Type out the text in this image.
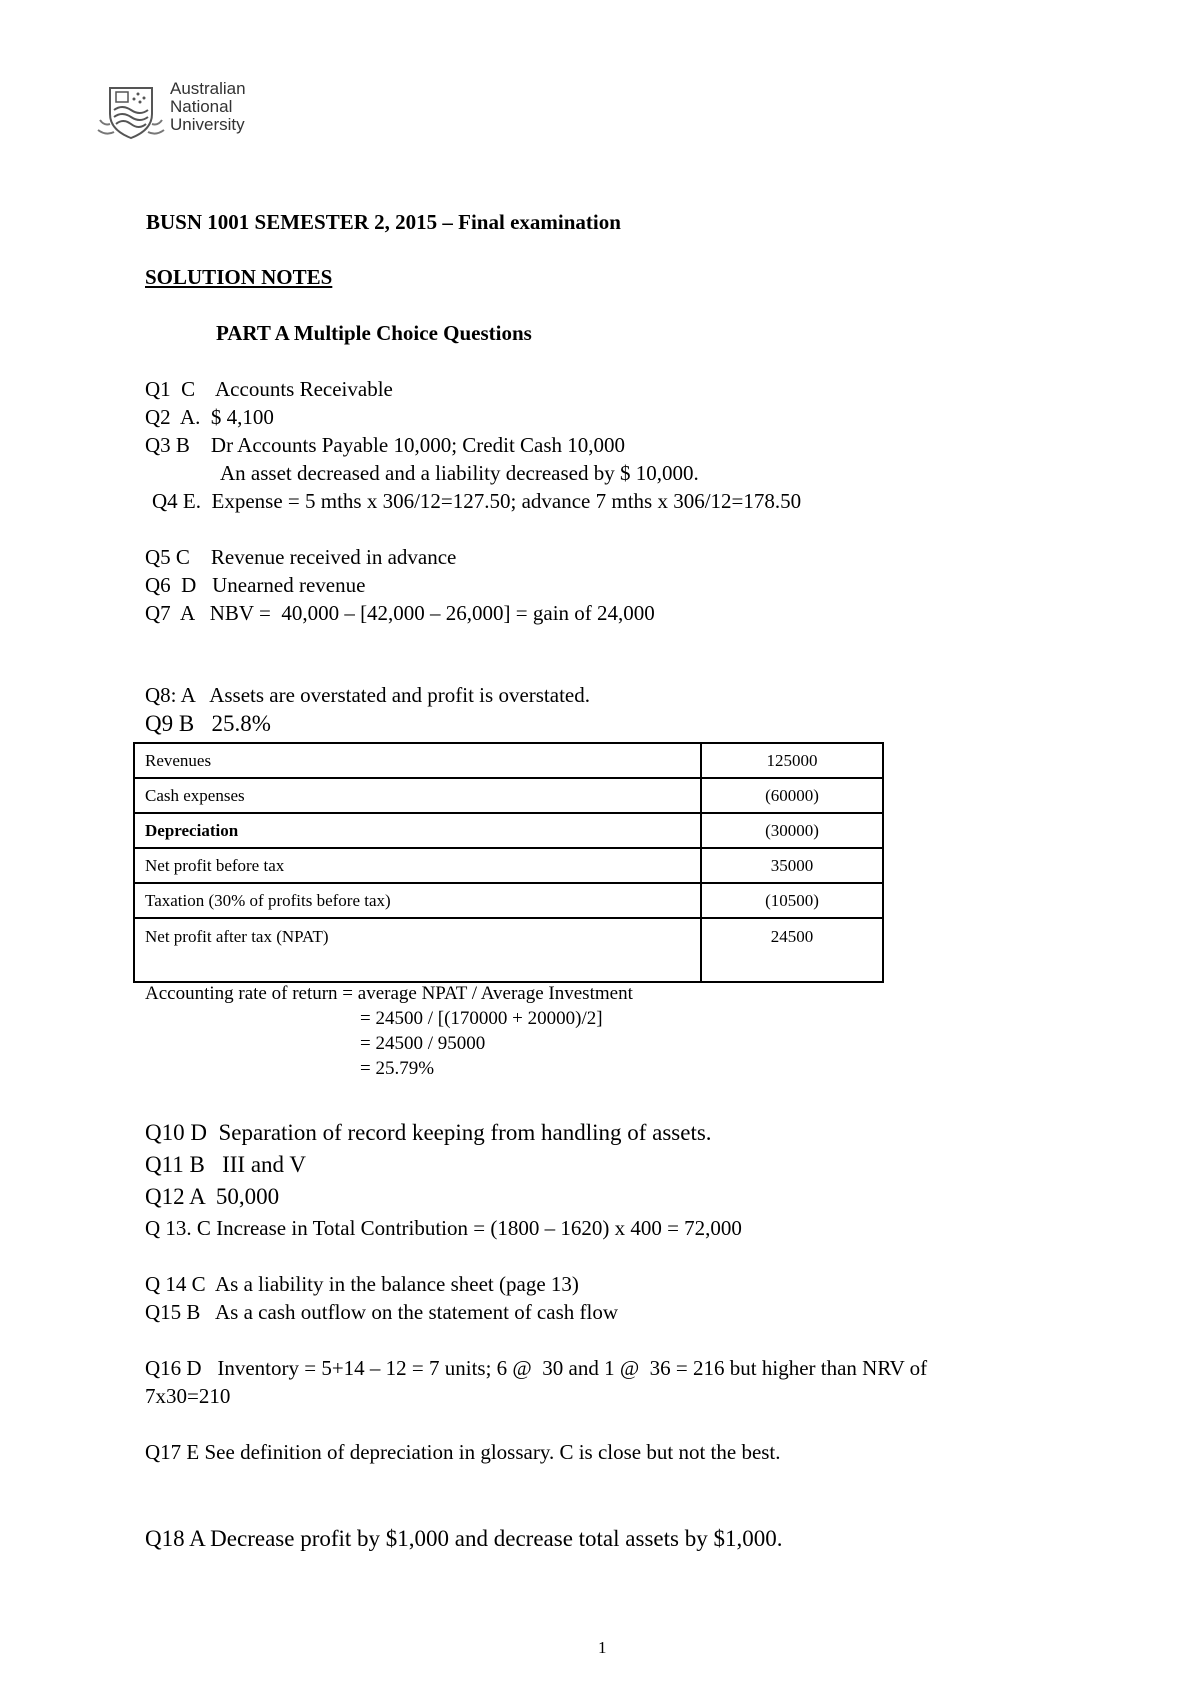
Australian
National
University
BUSN 1001 SEMESTER 2, 2015 – Final examination
SOLUTION NOTES
PART A Multiple Choice Questions
Q1  C    Accounts Receivable
Q2  A.  $ 4,100
Q3 B    Dr Accounts Payable 10,000; Credit Cash 10,000
An asset decreased and a liability decreased by $ 10,000.
Q4 E.  Expense = 5 mths x 306/12=127.50; advance 7 mths x 306/12=178.50
Q5 C    Revenue received in advance
Q6  D   Unearned revenue
Q7  A   NBV =  40,000 – [42,000 – 26,000] = gain of 24,000
Q8: A   Assets are overstated and profit is overstated.
Q9 B   25.8%
Revenues	125000
Cash expenses	(60000)
Depreciation	(30000)
Net profit before tax	35000
Taxation (30% of profits before tax)	(10500)
Net profit after tax (NPAT)	24500
Accounting rate of return = average NPAT / Average Investment
= 24500 / [(170000 + 20000)/2]
= 24500 / 95000
= 25.79%
Q10 D  Separation of record keeping from handling of assets.
Q11 B   III and V
Q12 A  50,000
Q 13. C Increase in Total Contribution = (1800 – 1620) x 400 = 72,000
Q 14 C  As a liability in the balance sheet (page 13)
Q15 B   As a cash outflow on the statement of cash flow
Q16 D   Inventory = 5+14 – 12 = 7 units; 6 @  30 and 1 @  36 = 216 but higher than NRV of
7x30=210
Q17 E See definition of depreciation in glossary. C is close but not the best.
Q18 A Decrease profit by $1,000 and decrease total assets by $1,000.
1
